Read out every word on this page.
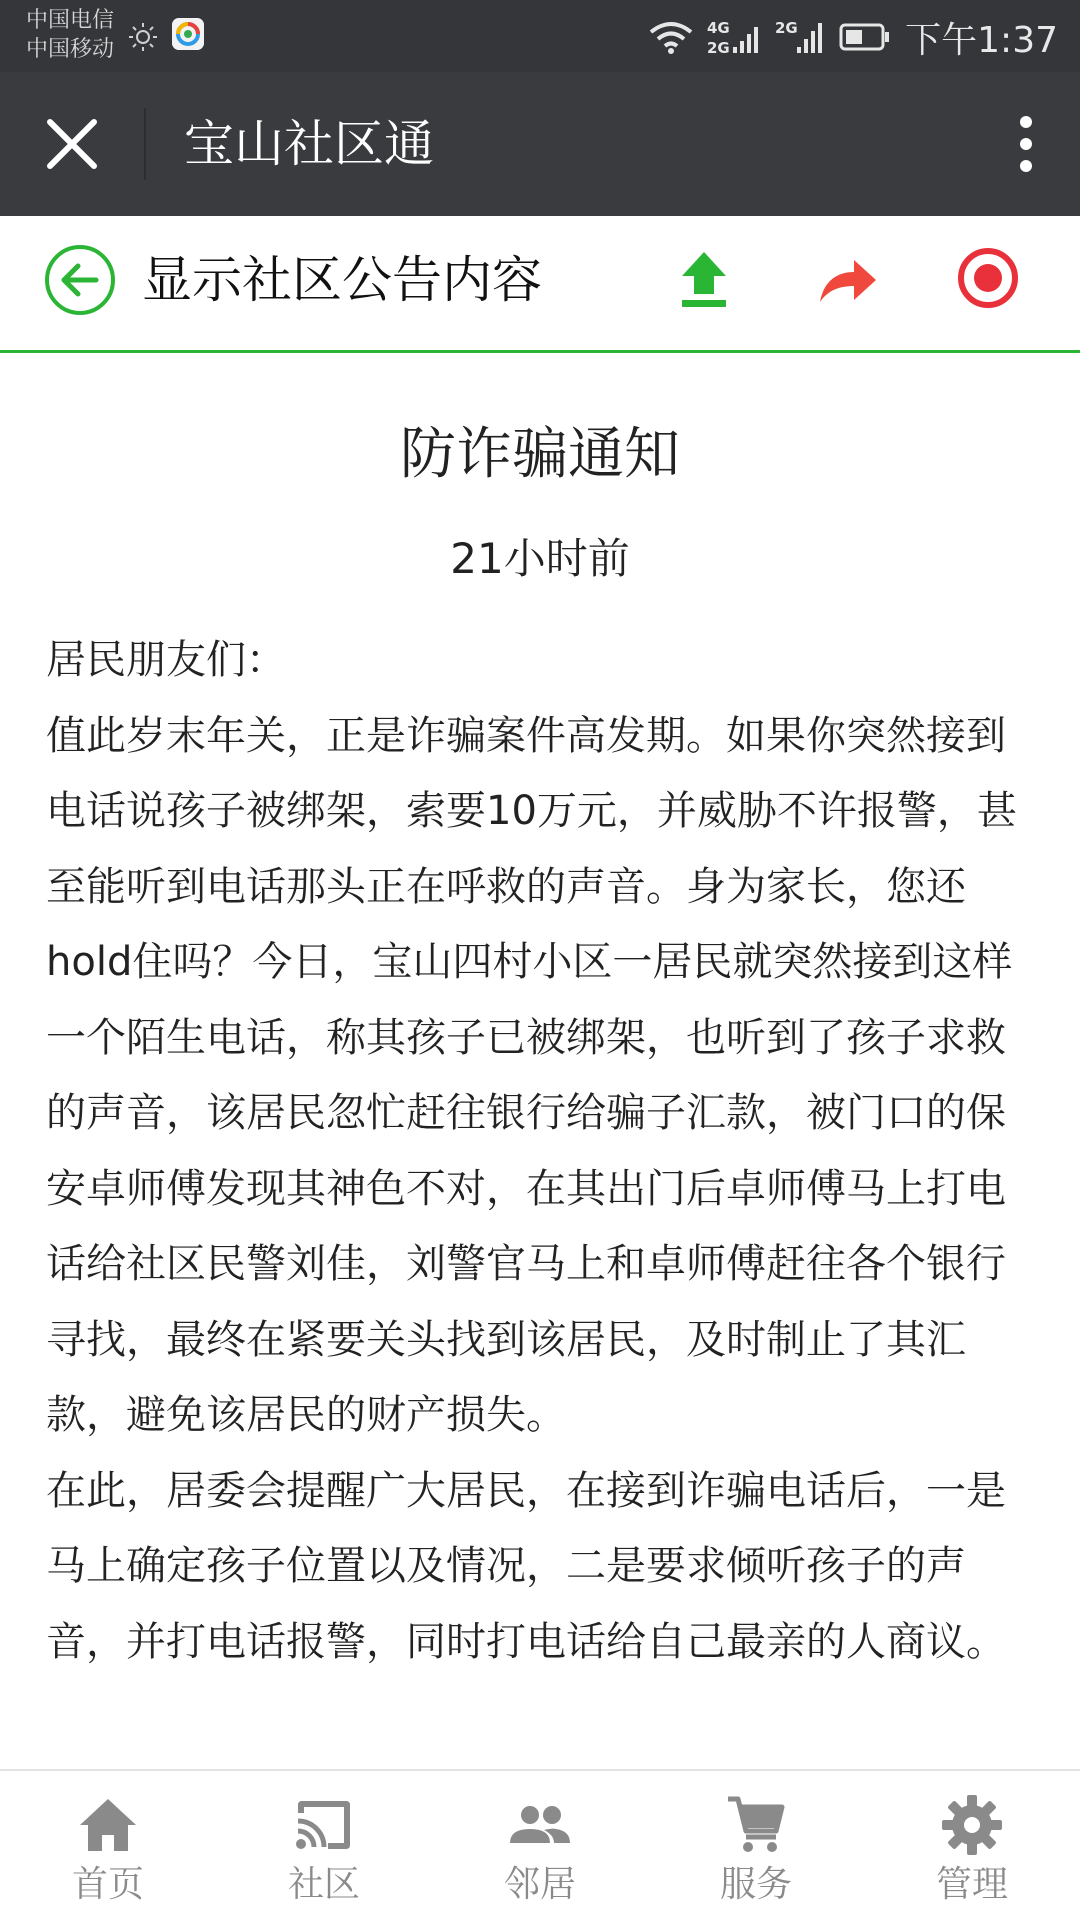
中国电信
中国移动
4G
2G
2G	下午1:37
宝山社区通
显示社区公告内容
防诈骗通知
21小时前

居民朋友们：

值此岁末年关，正是诈骗案件高发期。如果你突然接到电话说孩子被绑架，索要10万元，并威胁不许报警，甚至能听到电话那头正在呼救的声音。身为家长，您还hold住吗？今日，宝山四村小区一居民就突然接到这样一个陌生电话，称其孩子已被绑架，也听到了孩子求救的声音，该居民忽忙赶往银行给骗子汇款，被门口的保安卓师傅发现其神色不对，在其出门后卓师傅马上打电话给社区民警刘佳，刘警官马上和卓师傅赶往各个银行寻找，最终在紧要关头找到该居民，及时制止了其汇款，避免该居民的财产损失。

在此，居委会提醒广大居民，在接到诈骗电话后，一是马上确定孩子位置以及情况，二是要求倾听孩子的声音，并打电话报警，同时打电话给自己最亲的人商议。

首页	社区	邻居	服务	管理
